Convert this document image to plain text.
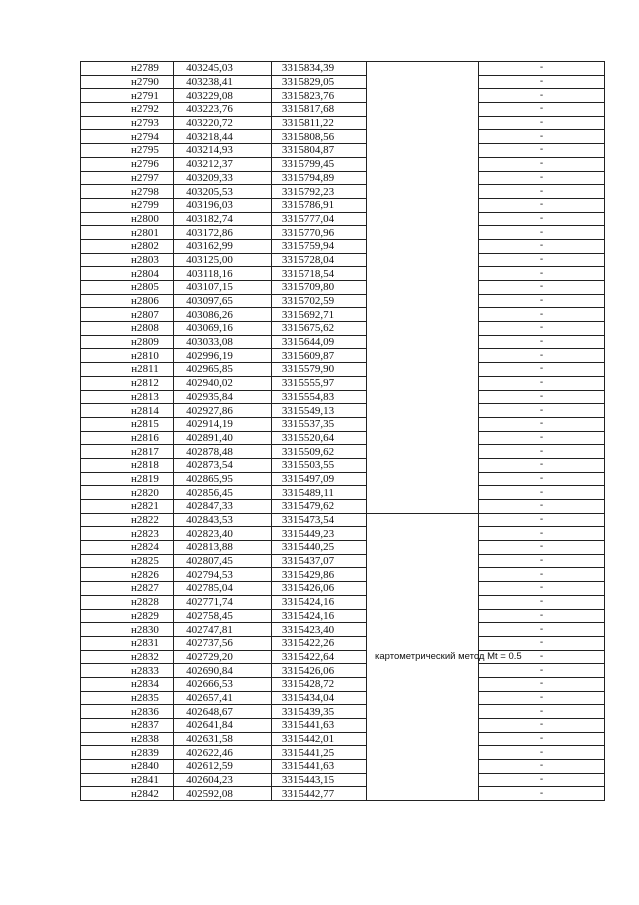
н2789	403245,03	3315834,39		-
н2790	403238,41	3315829,05		-
н2791	403229,08	3315823,76		-
н2792	403223,76	3315817,68		-
н2793	403220,72	3315811,22		-
н2794	403218,44	3315808,56		-
н2795	403214,93	3315804,87		-
н2796	403212,37	3315799,45		-
н2797	403209,33	3315794,89		-
н2798	403205,53	3315792,23		-
н2799	403196,03	3315786,91		-
н2800	403182,74	3315777,04		-
н2801	403172,86	3315770,96		-
н2802	403162,99	3315759,94		-
н2803	403125,00	3315728,04		-
н2804	403118,16	3315718,54		-
н2805	403107,15	3315709,80		-
н2806	403097,65	3315702,59		-
н2807	403086,26	3315692,71		-
н2808	403069,16	3315675,62		-
н2809	403033,08	3315644,09		-
н2810	402996,19	3315609,87		-
н2811	402965,85	3315579,90		-
н2812	402940,02	3315555,97		-
н2813	402935,84	3315554,83		-
н2814	402927,86	3315549,13		-
н2815	402914,19	3315537,35		-
н2816	402891,40	3315520,64		-
н2817	402878,48	3315509,62		-
н2818	402873,54	3315503,55		-
н2819	402865,95	3315497,09		-
н2820	402856,45	3315489,11		-
н2821	402847,33	3315479,62		-
н2822	402843,53	3315473,54	картометрический метод Mt = 0.5	-
н2823	402823,40	3315449,23		-
н2824	402813,88	3315440,25		-
н2825	402807,45	3315437,07		-
н2826	402794,53	3315429,86		-
н2827	402785,04	3315426,06		-
н2828	402771,74	3315424,16		-
н2829	402758,45	3315424,16		-
н2830	402747,81	3315423,40		-
н2831	402737,56	3315422,26		-
н2832	402729,20	3315422,64		-
н2833	402690,84	3315426,06		-
н2834	402666,53	3315428,72		-
н2835	402657,41	3315434,04		-
н2836	402648,67	3315439,35		-
н2837	402641,84	3315441,63		-
н2838	402631,58	3315442,01		-
н2839	402622,46	3315441,25		-
н2840	402612,59	3315441,63		-
н2841	402604,23	3315443,15		-
н2842	402592,08	3315442,77		-
